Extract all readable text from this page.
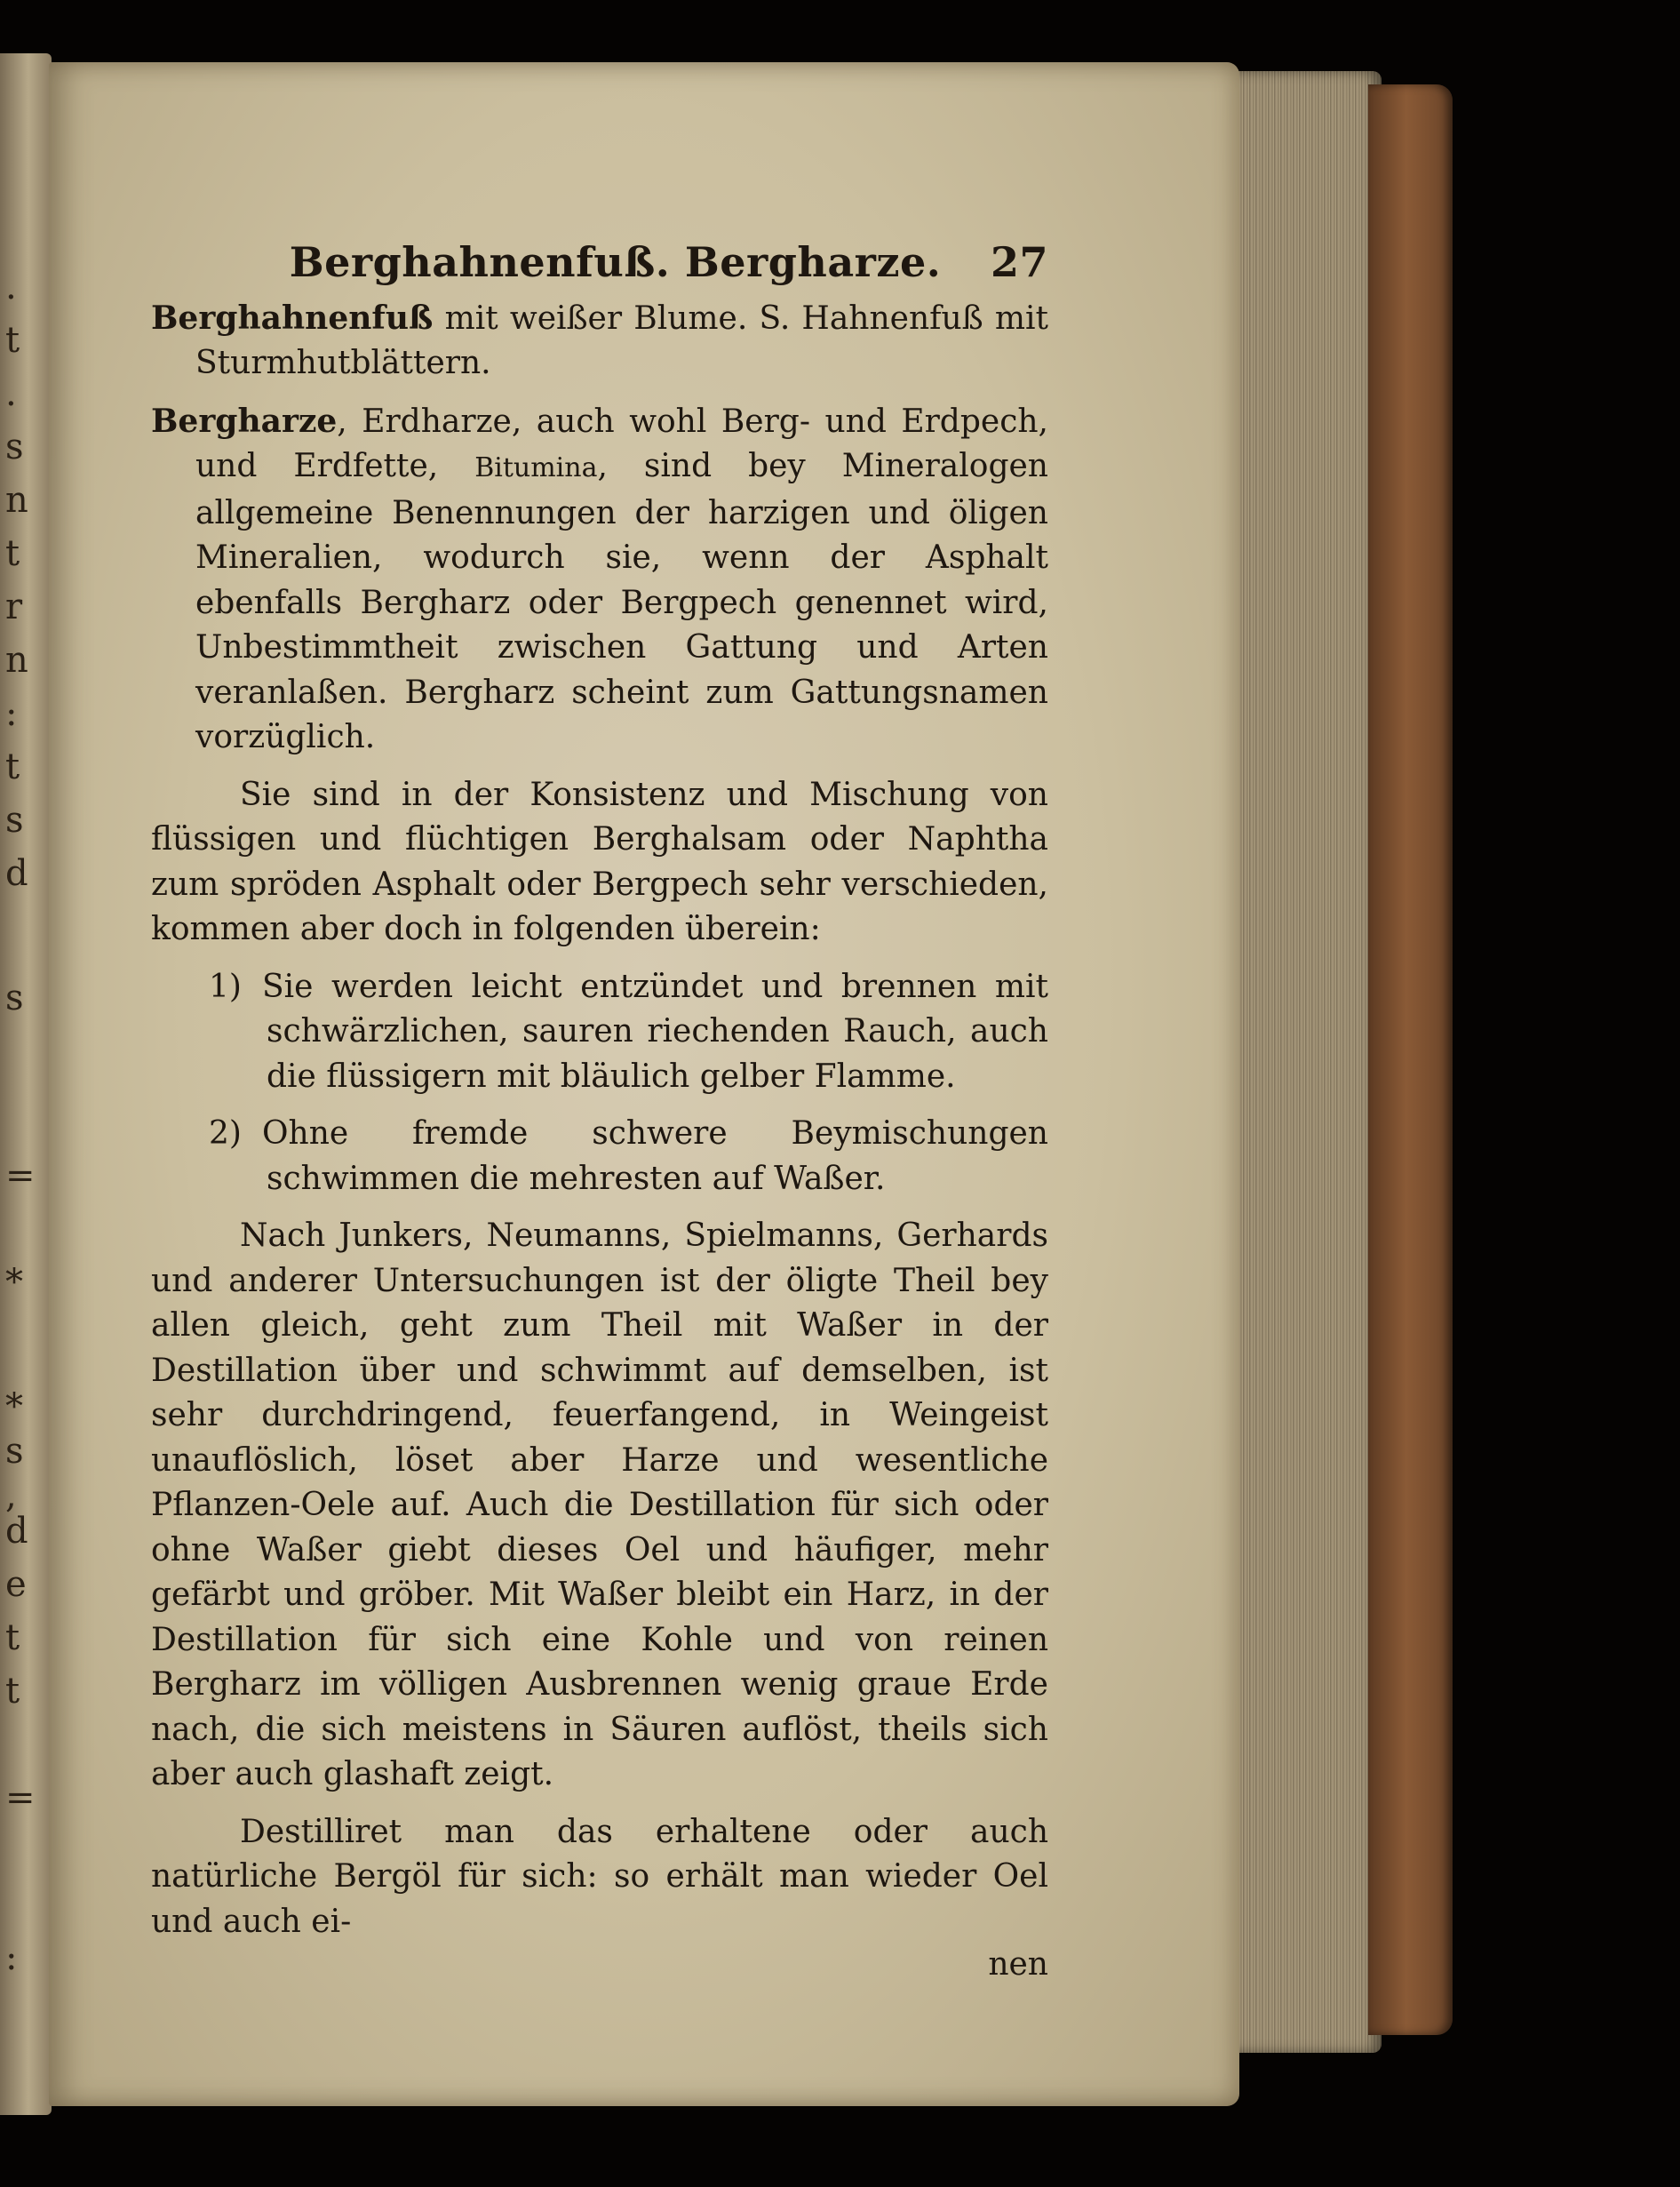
.
t
.
s
n
t
r
n
:
t
s
d
s
=
*
*
s
,
d
e
t
t
=
:
Berghahnenfuß. Bergharze.	27

Berghahnenfuß mit weißer Blume. S. Hahnenfuß mit Sturmhutblättern.

Bergharze, Erdharze, auch wohl Berg- und Erdpech, und Erdfette, Bitumina, sind bey Mineralogen allgemeine Benennungen der harzigen und öligen Mineralien, wodurch sie, wenn der Asphalt ebenfalls Bergharz oder Bergpech genennet wird, Unbestimmtheit zwischen Gattung und Arten veranlaßen. Bergharz scheint zum Gattungsnamen vorzüglich.

Sie sind in der Konsistenz und Mischung von flüssigen und flüchtigen Berghalsam oder Naphtha zum spröden Asphalt oder Bergpech sehr verschieden, kommen aber doch in folgenden überein:

1) Sie werden leicht entzündet und brennen mit schwärzlichen, sauren riechenden Rauch, auch die flüssigern mit bläulich gelber Flamme.

2) Ohne fremde schwere Beymischungen schwimmen die mehresten auf Waßer.

Nach Junkers, Neumanns, Spielmanns, Gerhards und anderer Untersuchungen ist der öligte Theil bey allen gleich, geht zum Theil mit Waßer in der Destillation über und schwimmt auf demselben, ist sehr durchdringend, feuerfangend, in Weingeist unauflöslich, löset aber Harze und wesentliche Pflanzen-Oele auf. Auch die Destillation für sich oder ohne Waßer giebt dieses Oel und häufiger, mehr gefärbt und gröber. Mit Waßer bleibt ein Harz, in der Destillation für sich eine Kohle und von reinen Bergharz im völligen Ausbrennen wenig graue Erde nach, die sich meistens in Säuren auflöst, theils sich aber auch glashaft zeigt.

Destilliret man das erhaltene oder auch natürliche Bergöl für sich: so erhält man wieder Oel und auch ei-

nen
